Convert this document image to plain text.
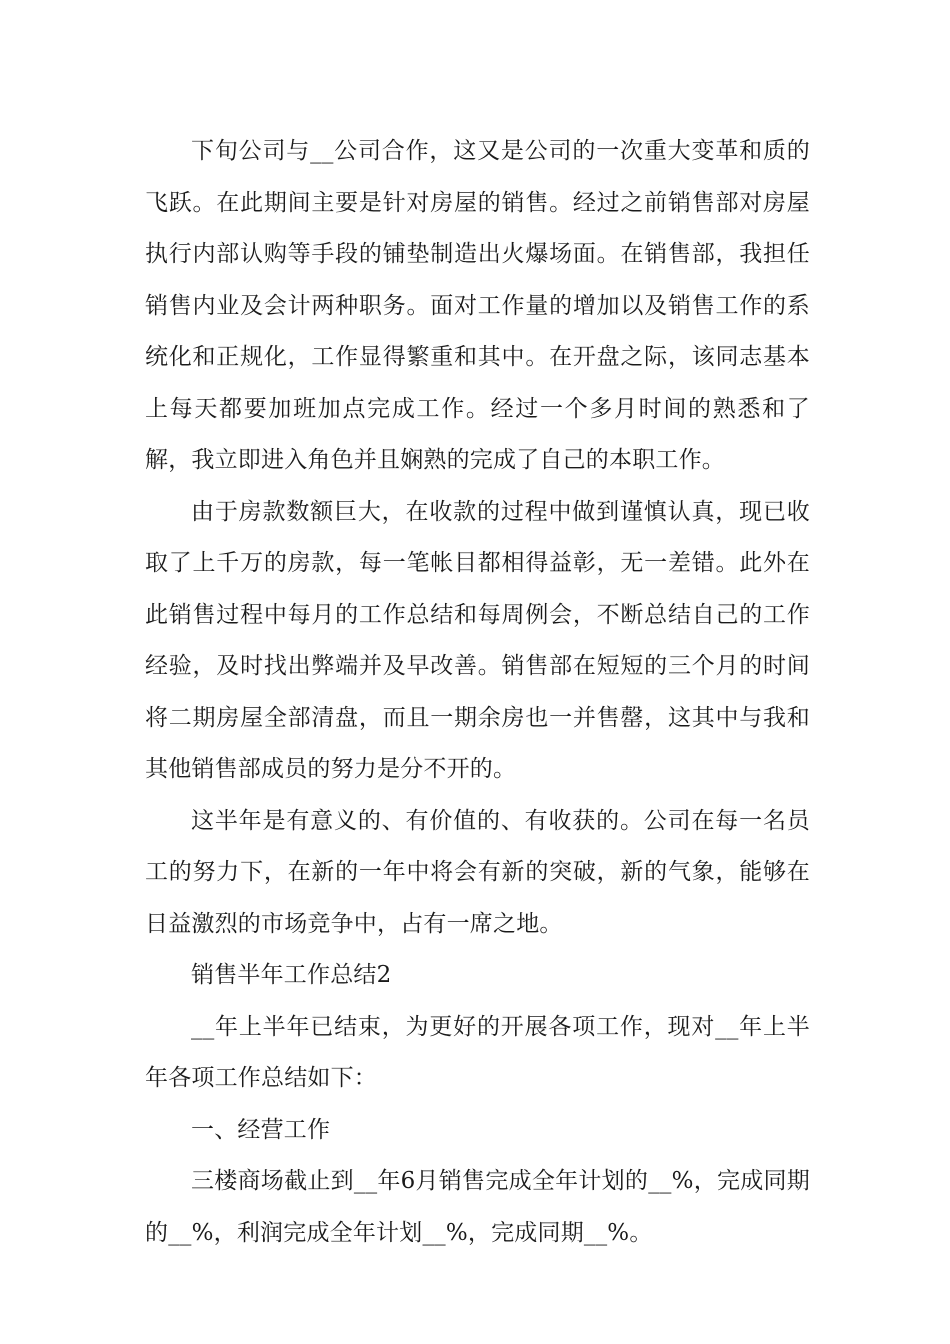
下旬公司与__公司合作，这又是公司的一次重大变革和质的飞跃。在此期间主要是针对房屋的销售。经过之前销售部对房屋执行内部认购等手段的铺垫制造出火爆场面。在销售部，我担任销售内业及会计两种职务。面对工作量的增加以及销售工作的系统化和正规化，工作显得繁重和其中。在开盘之际，该同志基本上每天都要加班加点完成工作。经过一个多月时间的熟悉和了解，我立即进入角色并且娴熟的完成了自己的本职工作。

由于房款数额巨大，在收款的过程中做到谨慎认真，现已收取了上千万的房款，每一笔帐目都相得益彰，无一差错。此外在此销售过程中每月的工作总结和每周例会，不断总结自己的工作经验，及时找出弊端并及早改善。销售部在短短的三个月的时间将二期房屋全部清盘，而且一期余房也一并售罄，这其中与我和其他销售部成员的努力是分不开的。

这半年是有意义的、有价值的、有收获的。公司在每一名员工的努力下，在新的一年中将会有新的突破，新的气象，能够在日益激烈的市场竞争中，占有一席之地。

销售半年工作总结2

__年上半年已结束，为更好的开展各项工作，现对__年上半年各项工作总结如下：

一、经营工作

三楼商场截止到__年6月销售完成全年计划的__%，完成同期的__%，利润完成全年计划__%，完成同期__%。
